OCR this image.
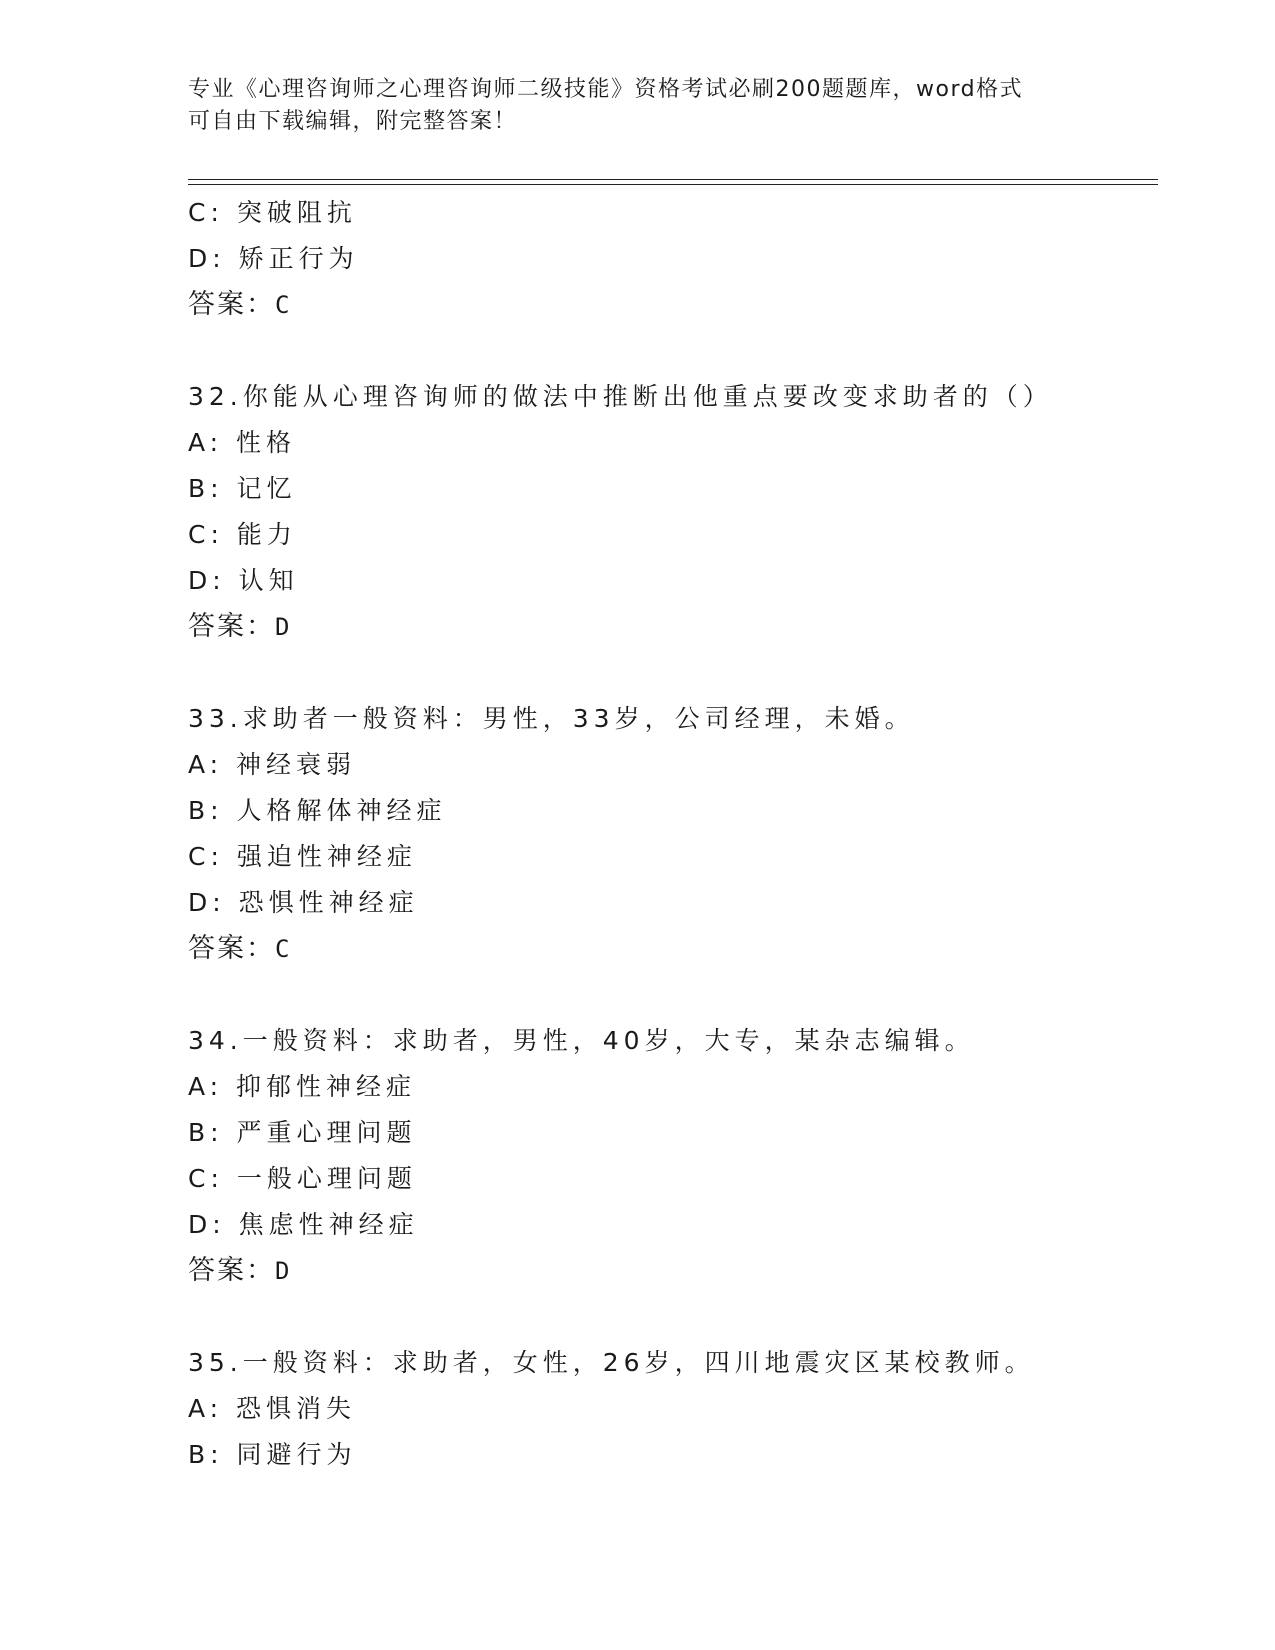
专业《心理咨询师之心理咨询师二级技能》资格考试必刷200题题库，word格式
可自由下载编辑，附完整答案！
C: 突破阻抗
D: 矫正行为
答案：C
32.你能从心理咨询师的做法中推断出他重点要改变求助者的（）
A: 性格
B: 记忆
C: 能力
D: 认知
答案：D
33.求助者一般资料：男性，33岁，公司经理，未婚。
A: 神经衰弱
B: 人格解体神经症
C: 强迫性神经症
D: 恐惧性神经症
答案：C
34.一般资料：求助者，男性，40岁，大专，某杂志编辑。
A: 抑郁性神经症
B: 严重心理问题
C: 一般心理问题
D: 焦虑性神经症
答案：D
35.一般资料：求助者，女性，26岁，四川地震灾区某校教师。
A: 恐惧消失
B: 同避行为
